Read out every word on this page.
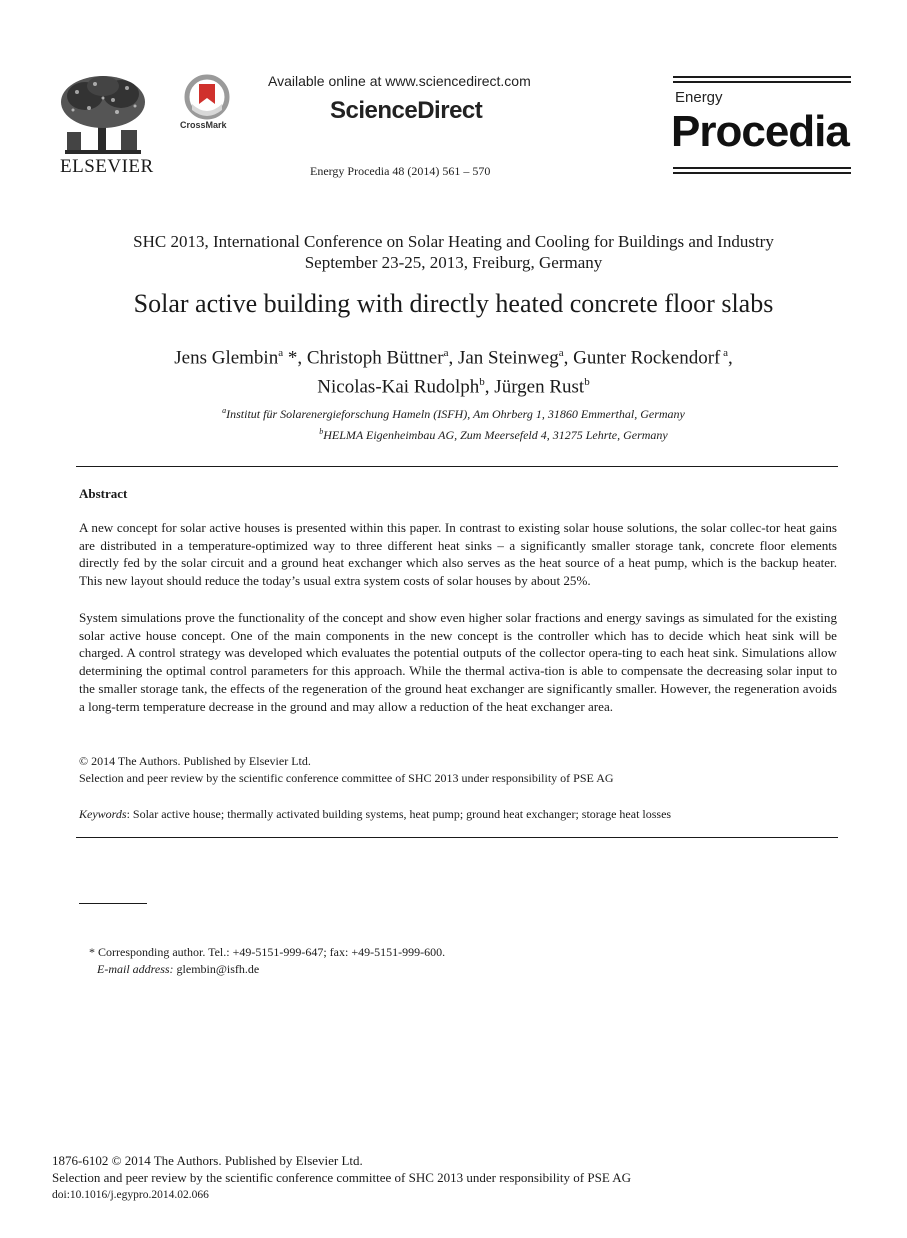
ELSEVIER
CrossMark
Available online at www.sciencedirect.com
ScienceDirect
Energy Procedia 48 (2014) 561 – 570
Energy
Procedia
SHC 2013, International Conference on Solar Heating and Cooling for Buildings and Industry
September 23-25, 2013, Freiburg, Germany
Solar active building with directly heated concrete floor slabs
Jens Glembin$^a$ *, Christoph Büttner$^a$, Jan Steinweg$^a$, Gunter Rockendorf $^a$,
Nicolas-Kai Rudolph$^b$, Jürgen Rust$^b$
$^a$Institut für Solarenergieforschung Hameln (ISFH), Am Ohrberg 1, 31860 Emmerthal, Germany
$^b$HELMA Eigenheimbau AG, Zum Meersefeld 4, 31275 Lehrte, Germany
Abstract
A new concept for solar active houses is presented within this paper. In contrast to existing solar house solutions, the solar collec-tor heat gains are distributed in a temperature-optimized way to three different heat sinks – a significantly smaller storage tank, concrete floor elements directly fed by the solar circuit and a ground heat exchanger which also serves as the heat source of a heat pump, which is the backup heater. This new layout should reduce the today’s usual extra system costs of solar houses by about 25%.
System simulations prove the functionality of the concept and show even higher solar fractions and energy savings as simulated for the existing solar active house concept. One of the main components in the new concept is the controller which has to decide which heat sink will be charged. A control strategy was developed which evaluates the potential outputs of the collector opera-ting to each heat sink. Simulations allow determining the optimal control parameters for this approach. While the thermal activa-tion is able to compensate the decreasing solar input to the smaller storage tank, the effects of the regeneration of the ground heat exchanger are significantly smaller. However, the regeneration avoids a long-term temperature decrease in the ground and may allow a reduction of the heat exchanger area.
© 2014 The Authors. Published by Elsevier Ltd.
Selection and peer review by the scientific conference committee of SHC 2013 under responsibility of PSE AG
Keywords: Solar active house; thermally activated building systems, heat pump; ground heat exchanger; storage heat losses
* Corresponding author. Tel.: +49-5151-999-647; fax: +49-5151-999-600.
E-mail address: glembin@isfh.de
1876-6102 © 2014 The Authors. Published by Elsevier Ltd.
Selection and peer review by the scientific conference committee of SHC 2013 under responsibility of PSE AG
doi:10.1016/j.egypro.2014.02.066
